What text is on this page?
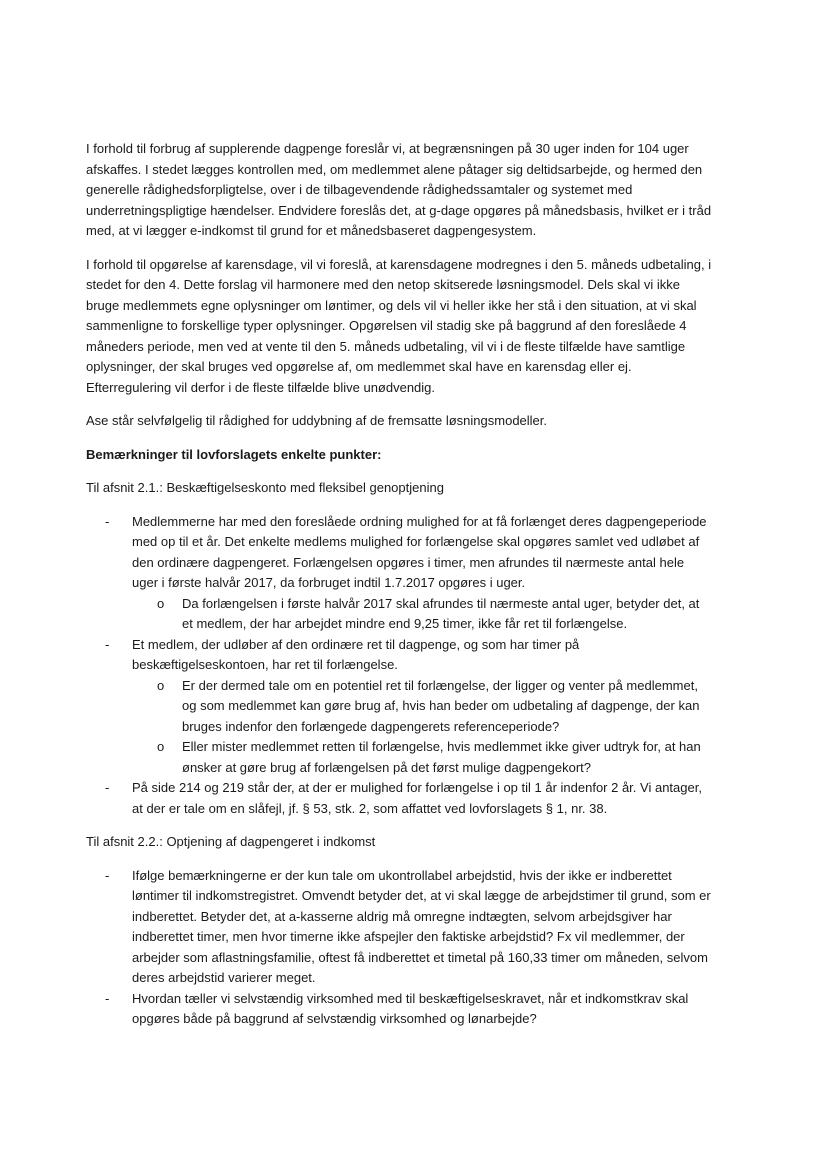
I forhold til forbrug af supplerende dagpenge foreslår vi, at begrænsningen på 30 uger inden for 104 uger afskaffes. I stedet lægges kontrollen med, om medlemmet alene påtager sig deltidsarbejde, og hermed den generelle rådighedsforpligtelse, over i de tilbagevendende rådighedssamtaler og systemet med underretningspligtige hændelser. Endvidere foreslås det, at g-dage opgøres på månedsbasis, hvilket er i tråd med, at vi lægger e-indkomst til grund for et månedsbaseret dagpengesystem.

I forhold til opgørelse af karensdage, vil vi foreslå, at karensdagene modregnes i den 5. måneds udbetaling, i stedet for den 4. Dette forslag vil harmonere med den netop skitserede løsningsmodel. Dels skal vi ikke bruge medlemmets egne oplysninger om løntimer, og dels vil vi heller ikke her stå i den situation, at vi skal sammenligne to forskellige typer oplysninger. Opgørelsen vil stadig ske på baggrund af den foreslåede 4 måneders periode, men ved at vente til den 5. måneds udbetaling, vil vi i de fleste tilfælde have samtlige oplysninger, der skal bruges ved opgørelse af, om medlemmet skal have en karensdag eller ej. Efterregulering vil derfor i de fleste tilfælde blive unødvendig.

Ase står selvfølgelig til rådighed for uddybning af de fremsatte løsningsmodeller.

Bemærkninger til lovforslagets enkelte punkter:

Til afsnit 2.1.: Beskæftigelseskonto med fleksibel genoptjening

- Medlemmerne har med den foreslåede ordning mulighed for at få forlænget deres dagpengeperiode med op til et år. Det enkelte medlems mulighed for forlængelse skal opgøres samlet ved udløbet af den ordinære dagpengeret. Forlængelsen opgøres i timer, men afrundes til nærmeste antal hele uger i første halvår 2017, da forbruget indtil 1.7.2017 opgøres i uger.
o Da forlængelsen i første halvår 2017 skal afrundes til nærmeste antal uger, betyder det, at et medlem, der har arbejdet mindre end 9,25 timer, ikke får ret til forlængelse.
- Et medlem, der udløber af den ordinære ret til dagpenge, og som har timer på beskæftigelseskontoen, har ret til forlængelse.
o Er der dermed tale om en potentiel ret til forlængelse, der ligger og venter på medlemmet, og som medlemmet kan gøre brug af, hvis han beder om udbetaling af dagpenge, der kan bruges indenfor den forlængede dagpengerets referenceperiode?
o Eller mister medlemmet retten til forlængelse, hvis medlemmet ikke giver udtryk for, at han ønsker at gøre brug af forlængelsen på det først mulige dagpengekort?
- På side 214 og 219 står der, at der er mulighed for forlængelse i op til 1 år indenfor 2 år. Vi antager, at der er tale om en slåfejl, jf. § 53, stk. 2, som affattet ved lovforslagets § 1, nr. 38.

Til afsnit 2.2.: Optjening af dagpengeret i indkomst

- Ifølge bemærkningerne er der kun tale om ukontrollabel arbejdstid, hvis der ikke er indberettet løntimer til indkomstregistret. Omvendt betyder det, at vi skal lægge de arbejdstimer til grund, som er indberettet. Betyder det, at a-kasserne aldrig må omregne indtægten, selvom arbejdsgiver har indberettet timer, men hvor timerne ikke afspejler den faktiske arbejdstid? Fx vil medlemmer, der arbejder som aflastningsfamilie, oftest få indberettet et timetal på 160,33 timer om måneden, selvom deres arbejdstid varierer meget.
- Hvordan tæller vi selvstændig virksomhed med til beskæftigelseskravet, når et indkomstkrav skal opgøres både på baggrund af selvstændig virksomhed og lønarbejde?
